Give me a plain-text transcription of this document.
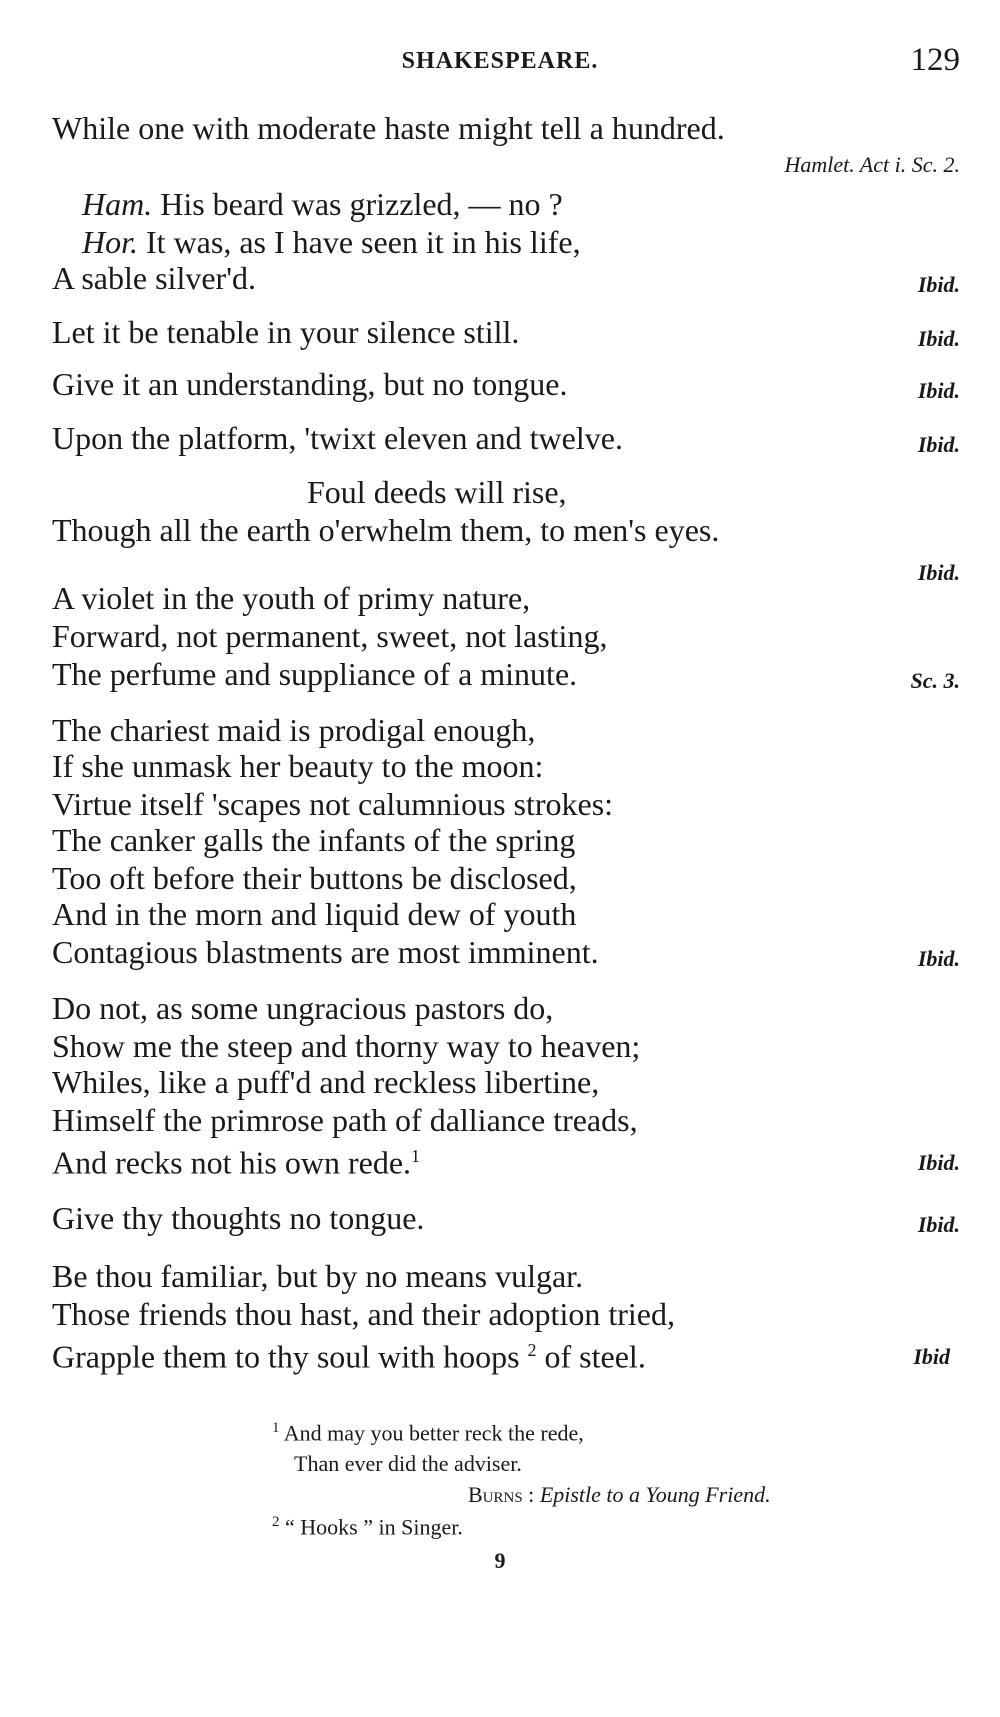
SHAKESPEARE.	129
While one with moderate haste might tell a hundred.
Hamlet. Act i. Sc. 2.
Ham. His beard was grizzled, — no ?
Hor. It was, as I have seen it in his life,
A sable silver'd.	Ibid.
Let it be tenable in your silence still.	Ibid.
Give it an understanding, but no tongue.	Ibid.
Upon the platform, 'twixt eleven and twelve.	Ibid.
Foul deeds will rise,
Though all the earth o'erwhelm them, to men's eyes.
Ibid.
A violet in the youth of primy nature,
Forward, not permanent, sweet, not lasting,
The perfume and suppliance of a minute.	Sc. 3.
The chariest maid is prodigal enough,
If she unmask her beauty to the moon:
Virtue itself 'scapes not calumnious strokes:
The canker galls the infants of the spring
Too oft before their buttons be disclosed,
And in the morn and liquid dew of youth
Contagious blastments are most imminent.	Ibid.
Do not, as some ungracious pastors do,
Show me the steep and thorny way to heaven;
Whiles, like a puff'd and reckless libertine,
Himself the primrose path of dalliance treads,
And recks not his own rede.$^1$	Ibid.
Give thy thoughts no tongue.	Ibid.
Be thou familiar, but by no means vulgar.
Those friends thou hast, and their adoption tried,
Grapple them to thy soul with hoops $^2$ of steel.	Ibid
$^1$ And may you better reck the rede,
Than ever did the adviser.
Burns : Epistle to a Young Friend.
$^2$ “ Hooks ” in Singer.
9
